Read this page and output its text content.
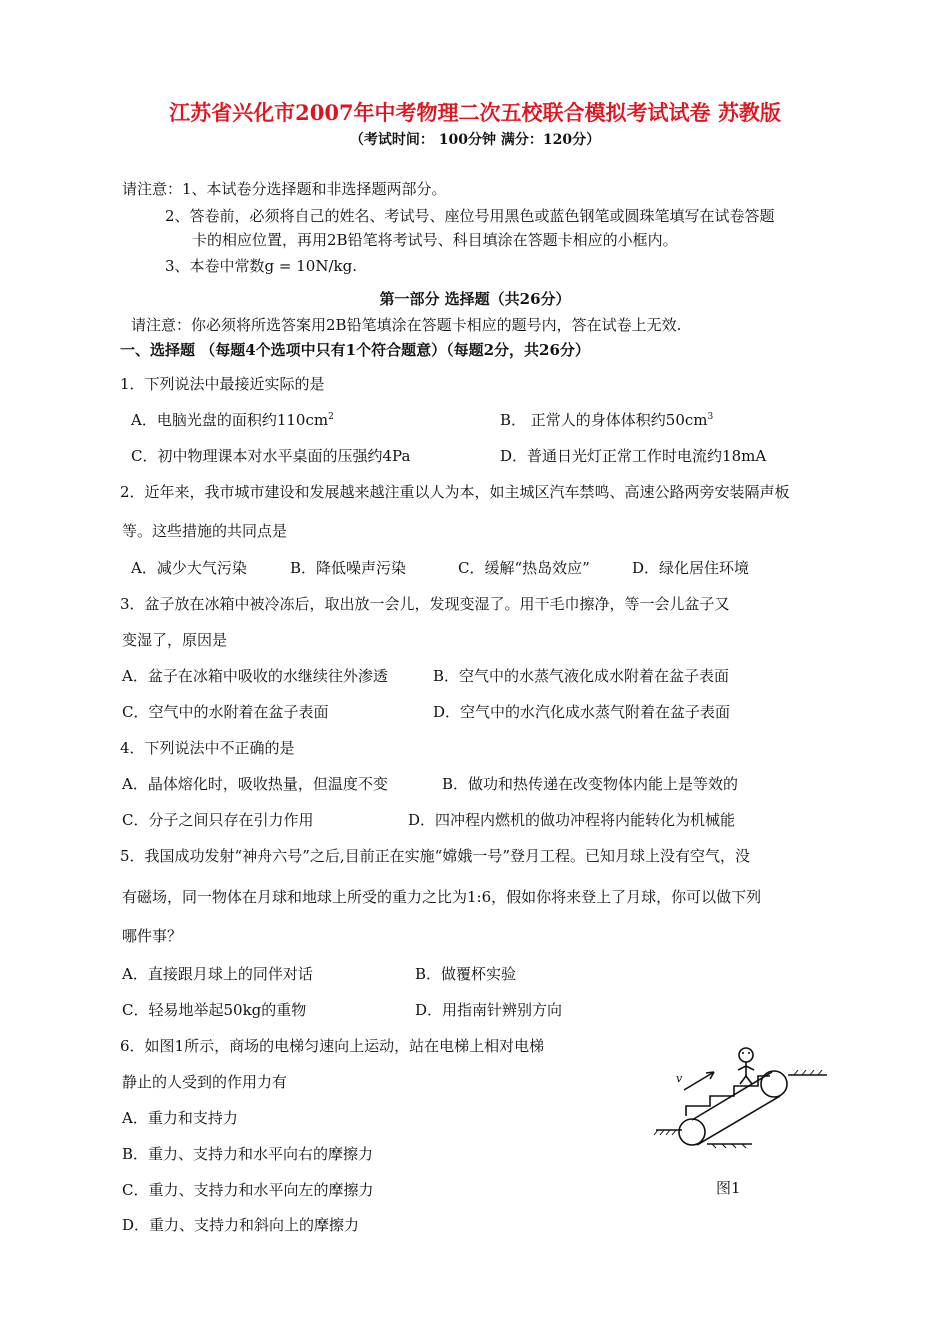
江苏省兴化市2007年中考物理二次五校联合模拟考试试卷 苏教版
（考试时间： 100分钟 满分：120分）
请注意：1、本试卷分选择题和非选择题两部分。
2、答卷前，必须将自己的姓名、考试号、座位号用黑色或蓝色钢笔或圆珠笔填写在试卷答题
卡的相应位置，再用2B铅笔将考试号、科目填涂在答题卡相应的小框内。
3、本卷中常数g = 10N/kg.
第一部分 选择题（共26分）
请注意：你必须将所选答案用2B铅笔填涂在答题卡相应的题号内，答在试卷上无效.
一、选择题 （每题4个选项中只有1个符合题意）（每题2分，共26分）
1．下列说法中最接近实际的是
A．电脑光盘的面积约$110cm^2$	B． 正常人的身体体积约$50cm^3$
C．初中物理课本对水平桌面的压强约4Pa	D．普通日光灯正常工作时电流约18mA
2．近年来，我市城市建设和发展越来越注重以人为本，如主城区汽车禁鸣、高速公路两旁安装隔声板
等。这些措施的共同点是
A．减少大气污染	B．降低噪声污染	C．缓解“热岛效应”	D．绿化居住环境
3．盆子放在冰箱中被冷冻后，取出放一会儿，发现变湿了。用干毛巾擦净，等一会儿盆子又
变湿了，原因是
A．盆子在冰箱中吸收的水继续往外渗透	B．空气中的水蒸气液化成水附着在盆子表面
C．空气中的水附着在盆子表面	D．空气中的水汽化成水蒸气附着在盆子表面
4．下列说法中不正确的是
A．晶体熔化时，吸收热量，但温度不变	B．做功和热传递在改变物体内能上是等效的
C．分子之间只存在引力作用	D．四冲程内燃机的做功冲程将内能转化为机械能
5．我国成功发射“神舟六号”之后,目前正在实施“嫦娥一号”登月工程。已知月球上没有空气，没
有磁场，同一物体在月球和地球上所受的重力之比为1:6，假如你将来登上了月球，你可以做下列
哪件事？
A．直接跟月球上的同伴对话	B．做覆杯实验
C．轻易地举起50kg的重物	D．用指南针辨别方向
6．如图1所示，商场的电梯匀速向上运动，站在电梯上相对电梯
静止的人受到的作用力有
A．重力和支持力
B．重力、支持力和水平向右的摩擦力
C．重力、支持力和水平向左的摩擦力
D．重力、支持力和斜向上的摩擦力
v
图1
